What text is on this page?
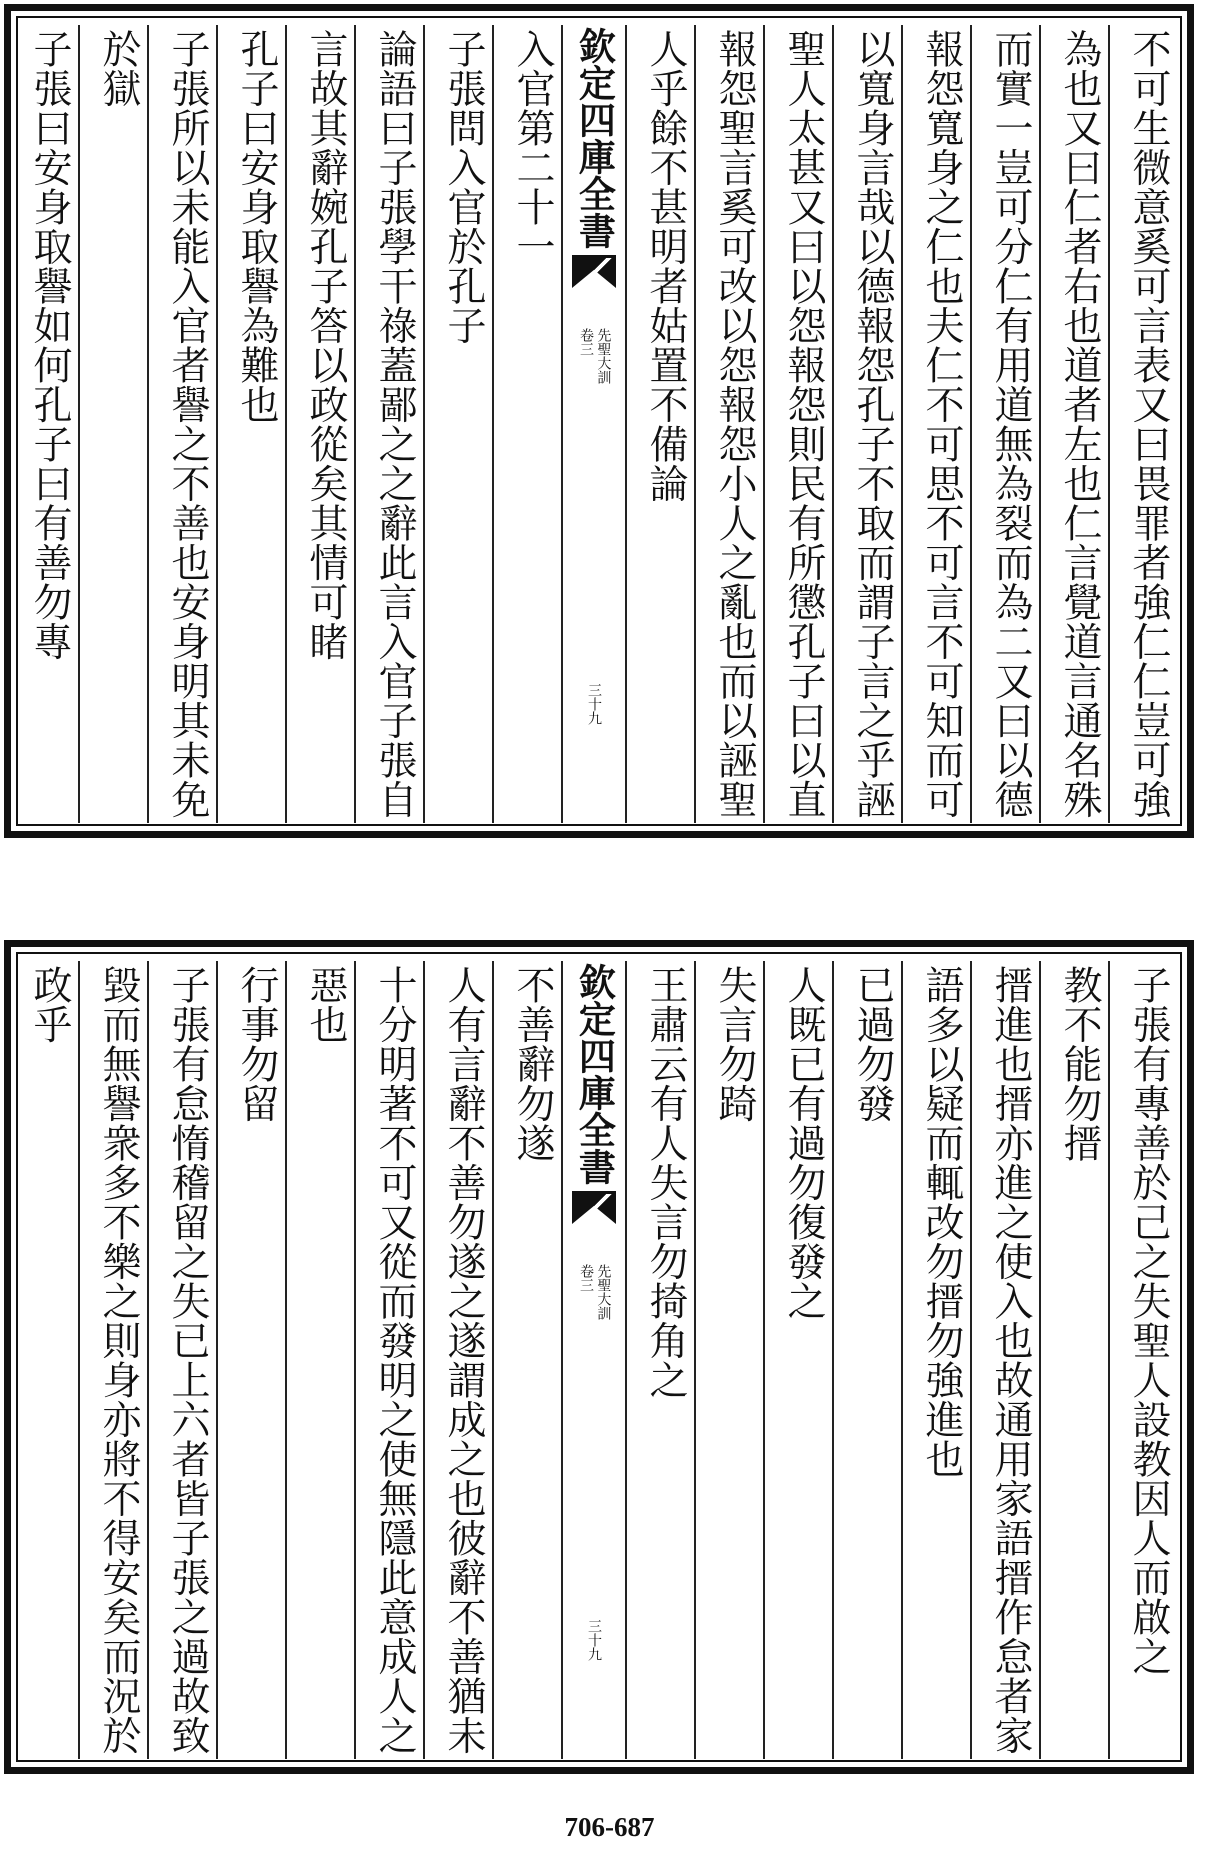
不可生微意奚可言表又曰畏罪者強仁仁豈可強
為也又曰仁者右也道者左也仁言覺道言通名殊
而實一豈可分仁有用道無為裂而為二又曰以德
報怨寬身之仁也夫仁不可思不可言不可知而可
以寬身言哉以德報怨孔子不取而謂子言之乎誣
聖人太甚又曰以怨報怨則民有所懲孔子曰以直
報怨聖言奚可改以怨報怨小人之亂也而以誣聖
人乎餘不甚明者姑置不備論
欽定四庫全書
先聖大訓
卷三
三十九
入官第二十一
子張問入官於孔子
論語曰子張學干祿蓋鄙之之辭此言入官子張自
言故其辭婉孔子答以政從矣其情可睹
孔子曰安身取譽為難也
子張所以未能入官者譽之不善也安身明其未免
於獄
子張曰安身取譽如何孔子曰有善勿專
子張有專善於己之失聖人設教因人而啟之
教不能勿搢
搢進也搢亦進之使入也故通用家語搢作怠者家
語多以疑而輒改勿搢勿強進也
已過勿發
人既已有過勿復發之
失言勿踦
王肅云有人失言勿掎角之
欽定四庫全書
先聖大訓
卷三
三十九
不善辭勿遂
人有言辭不善勿遂之遂謂成之也彼辭不善猶未
十分明著不可又從而發明之使無隱此意成人之
惡也
行事勿留
子張有怠惰稽留之失已上六者皆子張之過故致
毀而無譽衆多不樂之則身亦將不得安矣而況於
政乎
706-687
